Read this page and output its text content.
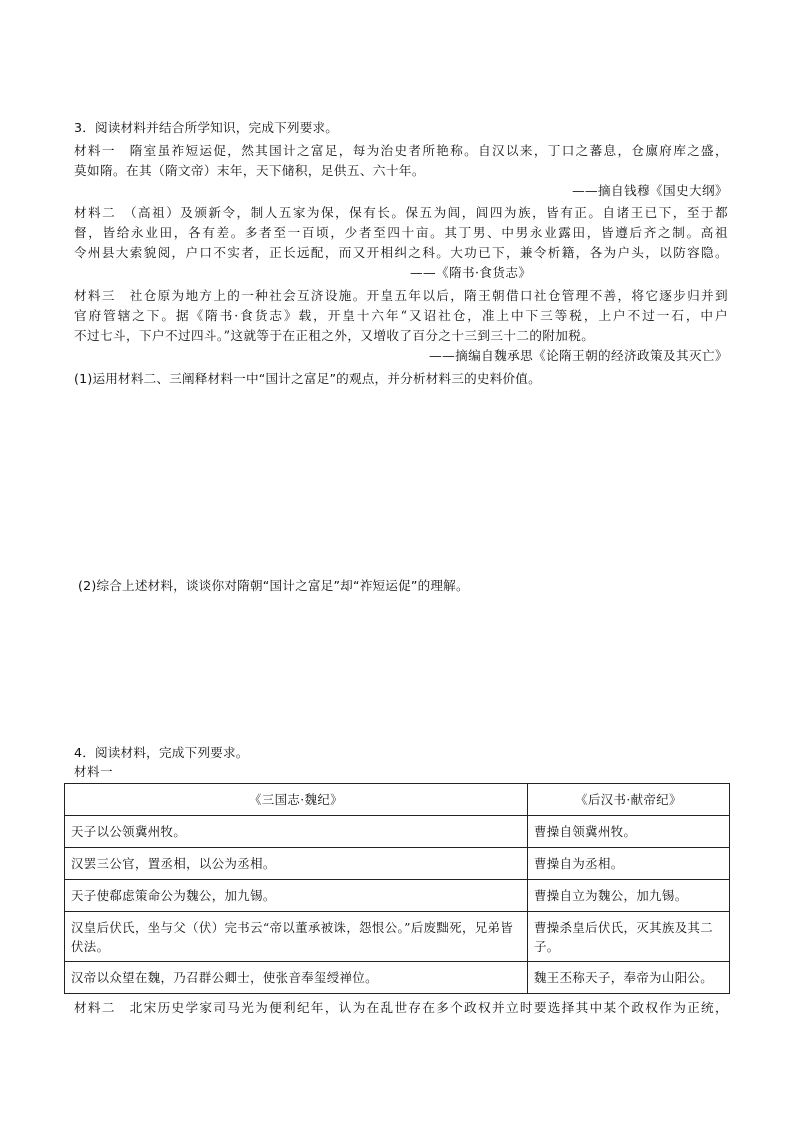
3．阅读材料并结合所学知识，完成下列要求。
材料一　隋室虽祚短运促，然其国计之富足，每为治史者所艳称。自汉以来，丁口之蕃息，仓廪府库之盛，
莫如隋。在其（隋文帝）末年，天下储积，足供五、六十年。
——摘自钱穆《国史大纲》
材料二　（高祖）及颁新令，制人五家为保，保有长。保五为闾，闾四为族，皆有正。自诸王已下，至于都
督，皆给永业田，各有差。多者至一百顷，少者至四十亩。其丁男、中男永业露田，皆遵后齐之制。高祖
令州县大索貌阅，户口不实者，正长远配，而又开相纠之科。大功已下，兼令析籍，各为户头，以防容隐。
——《隋书·食货志》
材料三　社仓原为地方上的一种社会互济设施。开皇五年以后，隋王朝借口社仓管理不善，将它逐步归并到
官府管辖之下。据《隋书·食货志》载，开皇十六年“又诏社仓，准上中下三等税，上户不过一石，中户
不过七斗，下户不过四斗。”这就等于在正租之外，又增收了百分之十三到三十二的附加税。
——摘编自魏承思《论隋王朝的经济政策及其灭亡》
(1)运用材料二、三阐释材料一中“国计之富足”的观点，并分析材料三的史料价值。
(2)综合上述材料，谈谈你对隋朝“国计之富足”却“祚短运促”的理解。
4．阅读材料，完成下列要求。
材料一
《三国志·魏纪》	《后汉书·献帝纪》
天子以公领冀州牧。	曹操自领冀州牧。
汉罢三公官，置丞相，以公为丞相。	曹操自为丞相。
天子使郗虑策命公为魏公，加九锡。	曹操自立为魏公，加九锡。
汉皇后伏氏，坐与父（伏）完书云“帝以董承被诛，怨恨公。”后废黜死，兄弟皆伏法。	曹操杀皇后伏氏，灭其族及其二子。
汉帝以众望在魏，乃召群公卿士，使张音奉玺绶禅位。	魏王丕称天子，奉帝为山阳公。
材料二　北宋历史学家司马光为便利纪年，认为在乱世存在多个政权并立时要选择其中某个政权作为正统，
